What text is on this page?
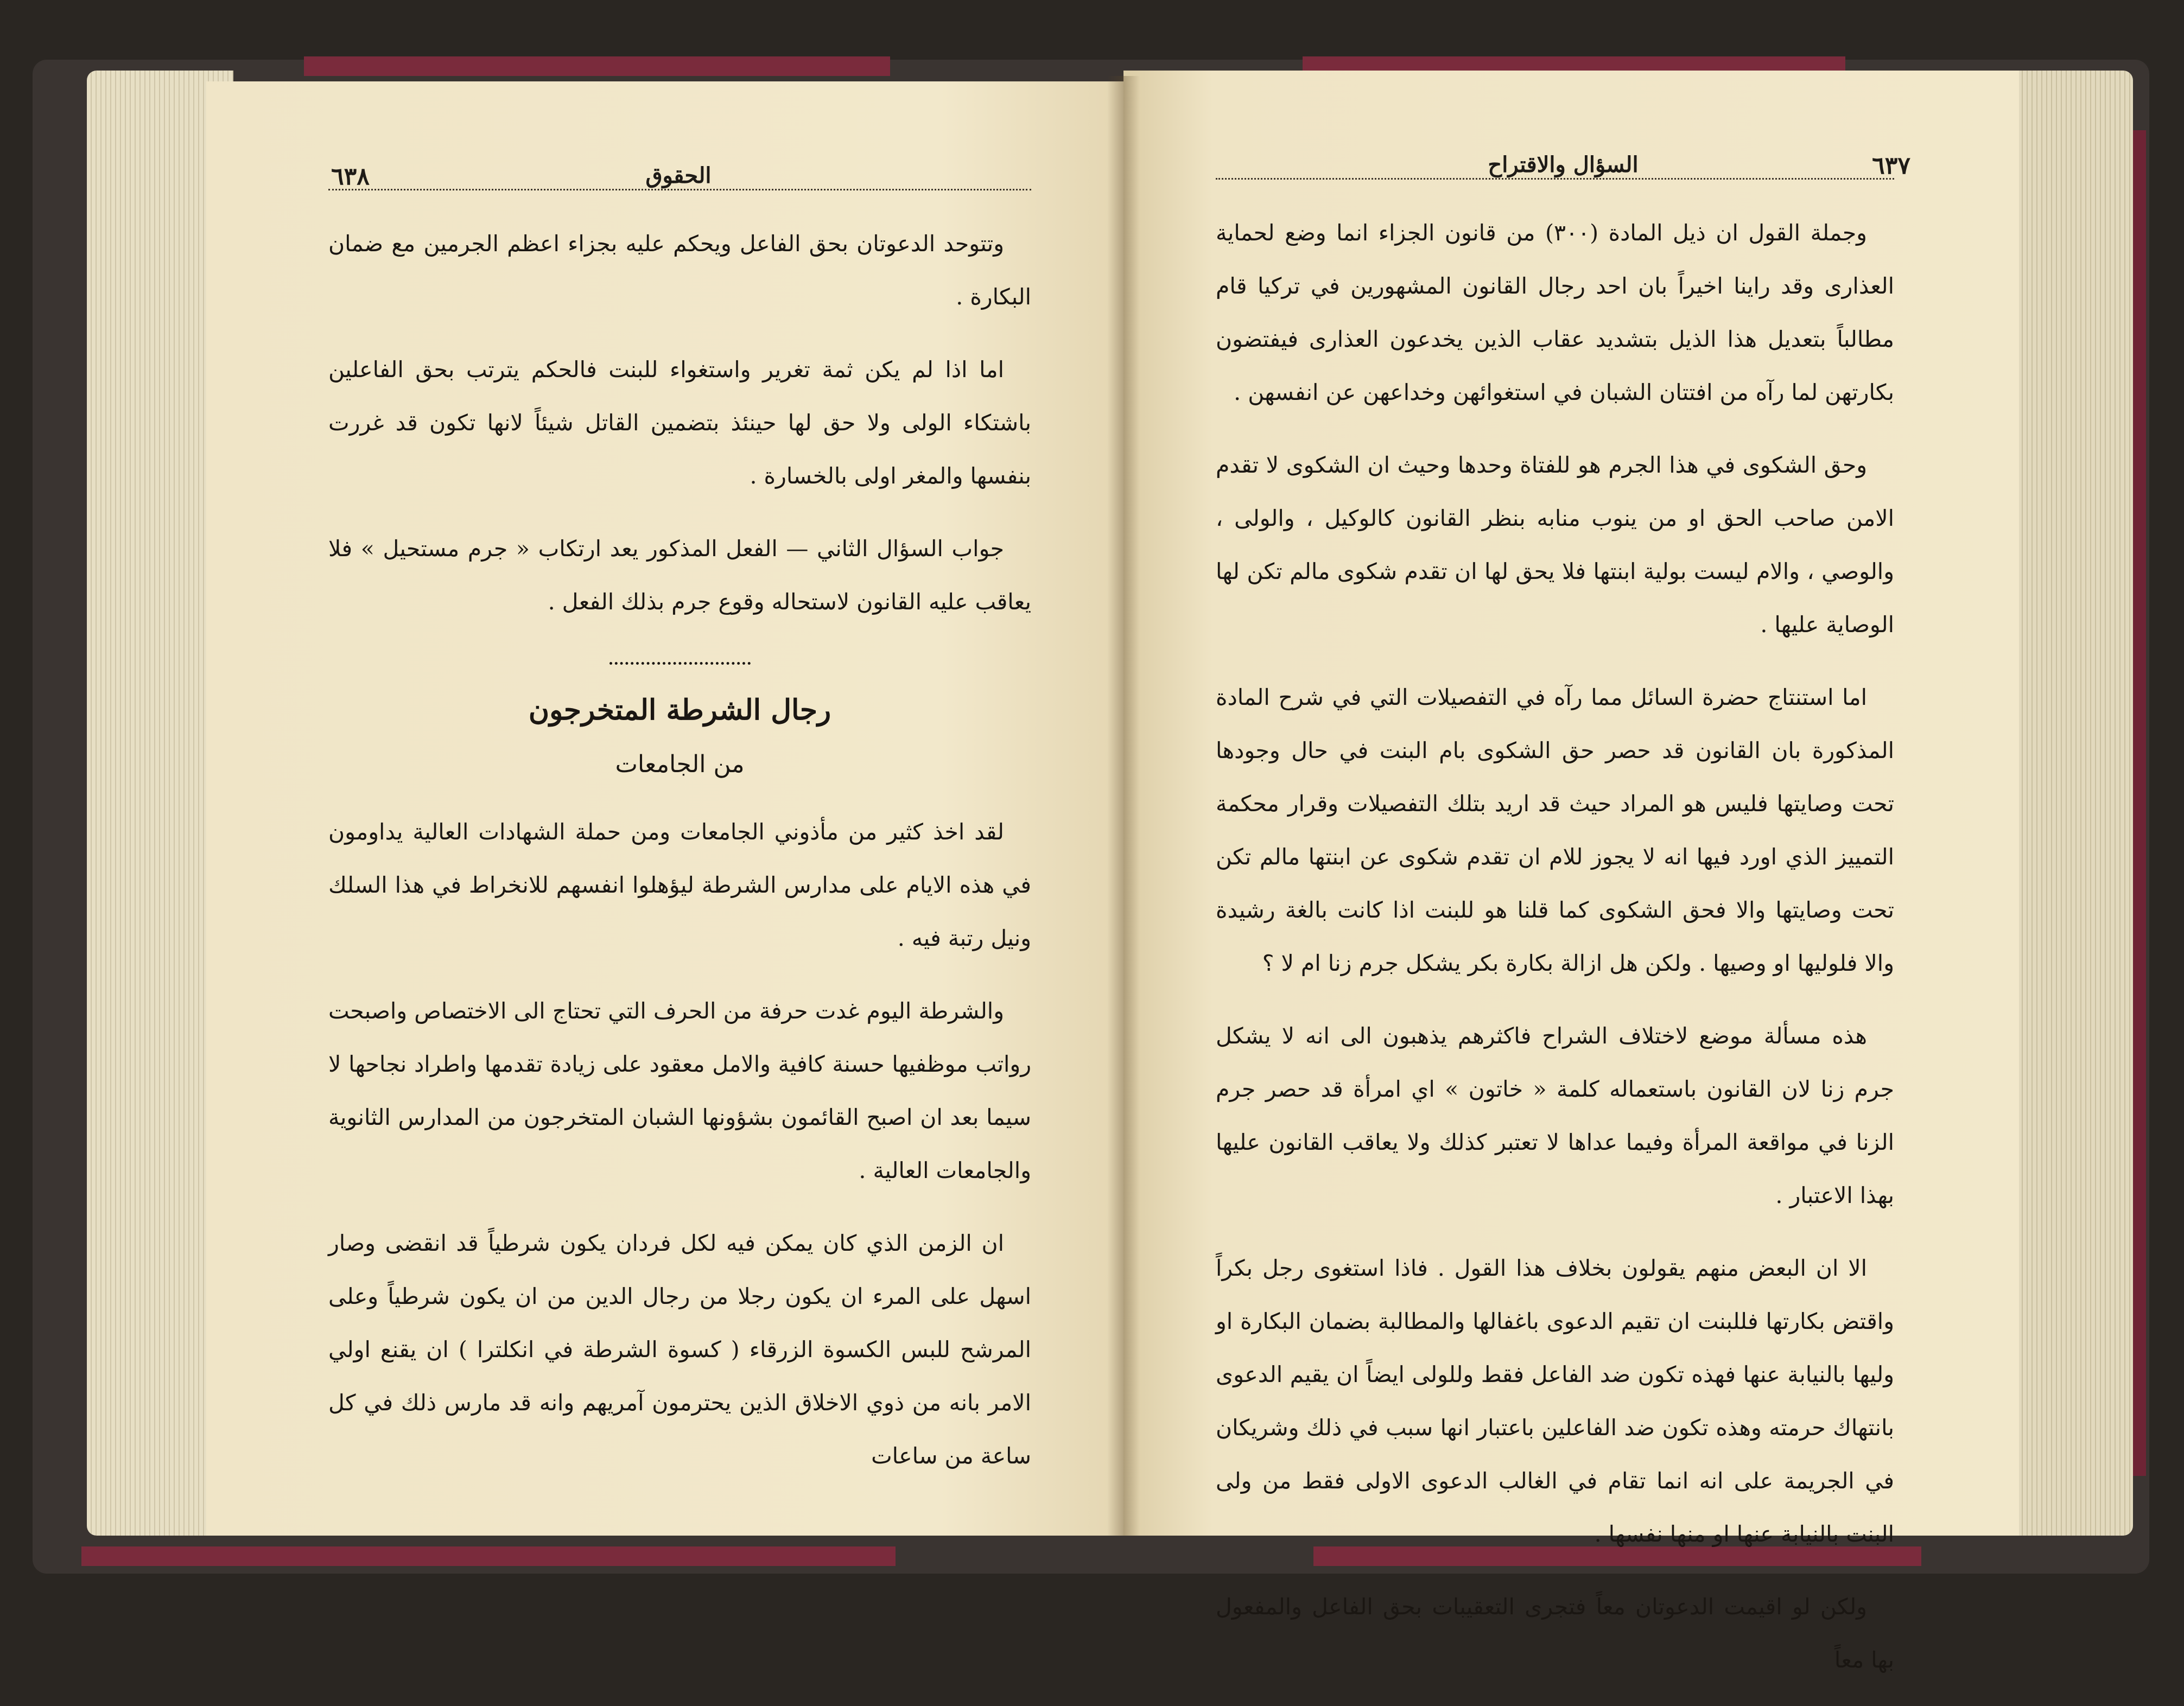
٦٣٨	الحقوق

وتتوحد الدعوتان بحق الفاعل ويحكم عليه بجزاء اعظم الجرمين مع ضمان البكارة .

اما اذا لم يكن ثمة تغرير واستغواء للبنت فالحكم يترتب بحق الفاعلين باشتكاء الولى ولا حق لها حينئذ بتضمين القاتل شيئاً لانها تكون قد غررت بنفسها والمغر اولى بالخسارة .

جواب السؤال الثاني — الفعل المذكور يعد ارتكاب « جرم مستحيل » فلا يعاقب عليه القانون لاستحاله وقوع جرم بذلك الفعل .

رجال الشرطة المتخرجون
من الجامعات

لقد اخذ كثير من مأذوني الجامعات ومن حملة الشهادات العالية يداومون في هذه الايام على مدارس الشرطة ليؤهلوا انفسهم للانخراط في هذا السلك ونيل رتبة فيه .

والشرطة اليوم غدت حرفة من الحرف التي تحتاج الى الاختصاص واصبحت رواتب موظفيها حسنة كافية والامل معقود على زيادة تقدمها واطراد نجاحها لا سيما بعد ان اصبح القائمون بشؤونها الشبان المتخرجون من المدارس الثانوية والجامعات العالية .

ان الزمن الذي كان يمكن فيه لكل فردان يكون شرطياً قد انقضى وصار اسهل على المرء ان يكون رجلا من رجال الدين من ان يكون شرطياً وعلى المرشح للبس الكسوة الزرقاء ( كسوة الشرطة في انكلترا ) ان يقنع اولي الامر بانه من ذوي الاخلاق الذين يحترمون آمريهم وانه قد مارس ذلك في كل ساعة من ساعات

٦٣٧
السؤال والاقتراح

وجملة القول ان ذيل المادة (٣٠٠) من قانون الجزاء انما وضع لحماية العذارى وقد راينا اخيراً بان احد رجال القانون المشهورين في تركيا قام مطالباً بتعديل هذا الذيل بتشديد عقاب الذين يخدعون العذارى فيفتضون بكارتهن لما رآه من افتتان الشبان في استغوائهن وخداعهن عن انفسهن .

وحق الشكوى في هذا الجرم هو للفتاة وحدها وحيث ان الشكوى لا تقدم الامن صاحب الحق او من ينوب منابه بنظر القانون كالوكيل ، والولى ، والوصي ، والام ليست بولية ابنتها فلا يحق لها ان تقدم شكوى مالم تكن لها الوصاية عليها .

اما استنتاج حضرة السائل مما رآه في التفصيلات التي في شرح المادة المذكورة بان القانون قد حصر حق الشكوى بام البنت في حال وجودها تحت وصايتها فليس هو المراد حيث قد اريد بتلك التفصيلات وقرار محكمة التمييز الذي اورد فيها انه لا يجوز للام ان تقدم شكوى عن ابنتها مالم تكن تحت وصايتها والا فحق الشكوى كما قلنا هو للبنت اذا كانت بالغة رشيدة والا فلوليها او وصيها . ولكن هل ازالة بكارة بكر يشكل جرم زنا ام لا ؟

هذه مسألة موضع لاختلاف الشراح فاكثرهم يذهبون الى انه لا يشكل جرم زنا لان القانون باستعماله كلمة « خاتون » اي امرأة قد حصر جرم الزنا في مواقعة المرأة وفيما عداها لا تعتبر كذلك ولا يعاقب القانون عليها بهذا الاعتبار .

الا ان البعض منهم يقولون بخلاف هذا القول . فاذا استغوى رجل بكراً واقتض بكارتها فللبنت ان تقيم الدعوى باغفالها والمطالبة بضمان البكارة او وليها بالنيابة عنها فهذه تكون ضد الفاعل فقط وللولى ايضاً ان يقيم الدعوى بانتهاك حرمته وهذه تكون ضد الفاعلين باعتبار انها سبب في ذلك وشريكان في الجريمة على انه انما تقام في الغالب الدعوى الاولى فقط من ولى البنت بالنيابة عنها او منها نفسها .

ولكن لو اقيمت الدعوتان معاً فتجرى التعقيبات بحق الفاعل والمفعول بها معاً
